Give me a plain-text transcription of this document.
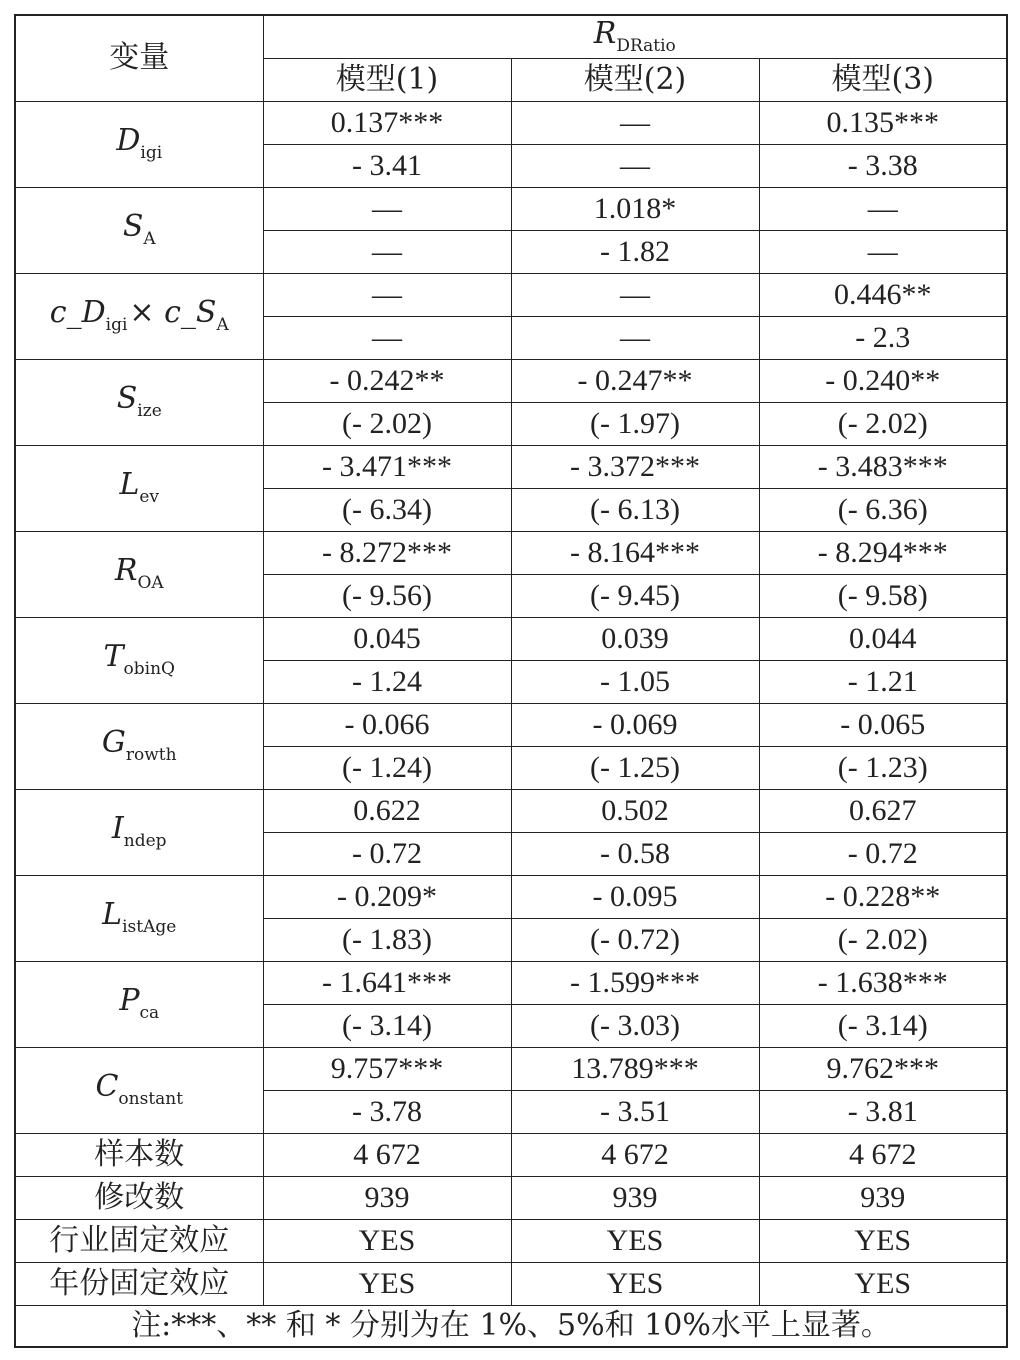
变量	$R_{DRatio}$
	模型(1)	模型(2)	模型(3)
$D_{igi}$	0.137***	—	0.135***
	- 3.41	—	- 3.38
$S_A$	—	1.018*	—
	—	- 1.82	—
$c\_D_{igi}\times$ $c\_S_A$	—	—	0.446**
	—	—	- 2.3
$S_{ize}$	- 0.242**	- 0.247**	- 0.240**
	(- 2.02)	(- 1.97)	(- 2.02)
$L_{ev}$	- 3.471***	- 3.372***	- 3.483***
	(- 6.34)	(- 6.13)	(- 6.36)
$R_{OA}$	- 8.272***	- 8.164***	- 8.294***
	(- 9.56)	(- 9.45)	(- 9.58)
$T_{obinQ}$	0.045	0.039	0.044
	- 1.24	- 1.05	- 1.21
$G_{rowth}$	- 0.066	- 0.069	- 0.065
	(- 1.24)	(- 1.25)	(- 1.23)
$I_{ndep}$	0.622	0.502	0.627
	- 0.72	- 0.58	- 0.72
$L_{istAge}$	- 0.209*	- 0.095	- 0.228**
	(- 1.83)	(- 0.72)	(- 2.02)
$P_{ca}$	- 1.641***	- 1.599***	- 1.638***
	(- 3.14)	(- 3.03)	(- 3.14)
$C_{onstant}$	9.757***	13.789***	9.762***
	- 3.78	- 3.51	- 3.81
样本数	4 672	4 672	4 672
修改数	939	939	939
行业固定效应	YES	YES	YES
年份固定效应	YES	YES	YES
注:***、** 和 * 分别为在 1%、5%和 10%水平上显著。			
